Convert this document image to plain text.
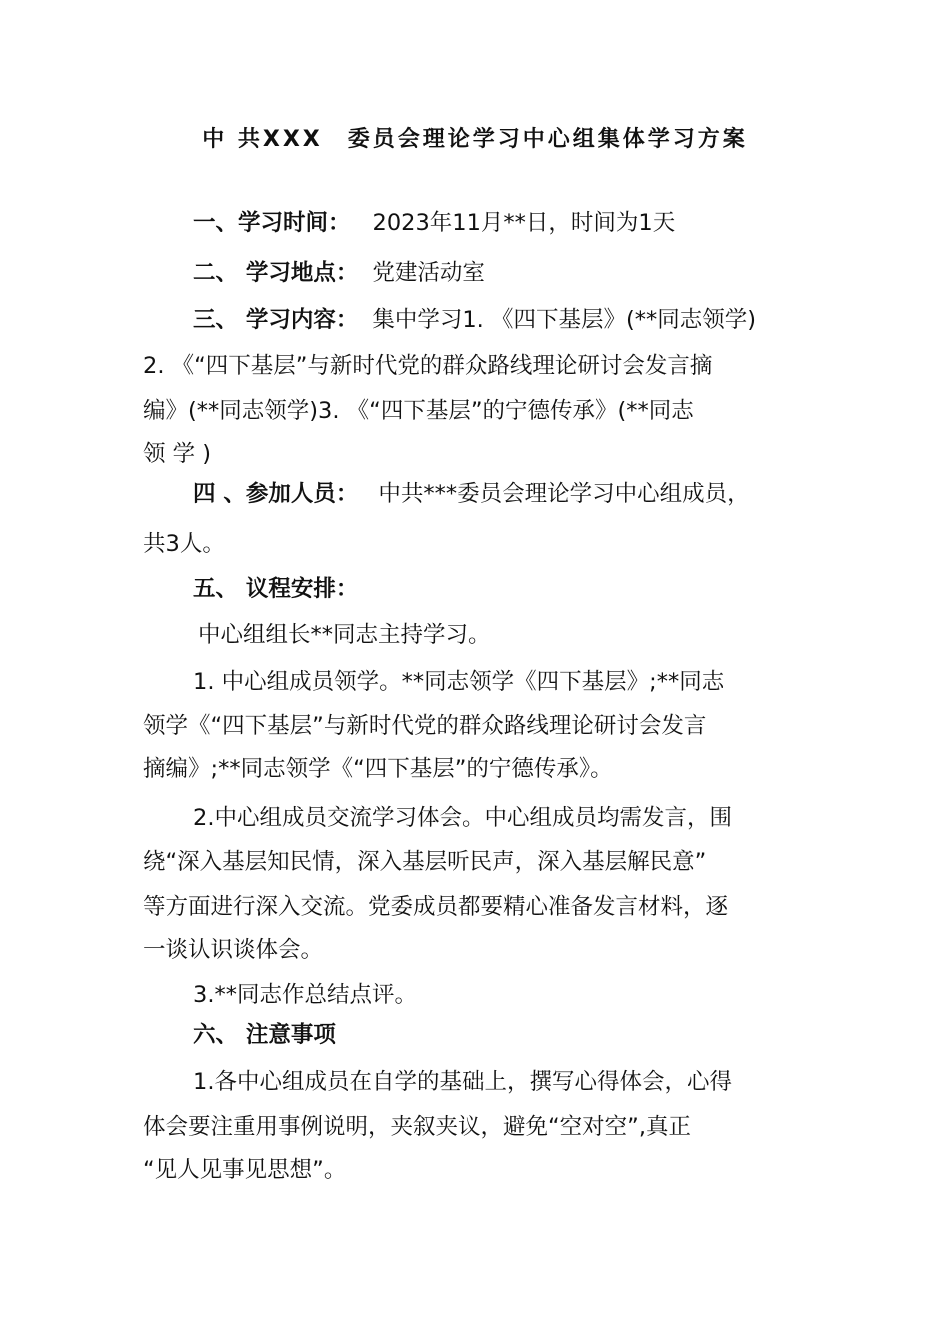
中 共XXX　委员会理论学习中心组集体学习方案
一、学习时间： 2023年11月**日，时间为1天
二、 学习地点： 党建活动室
三、 学习内容： 集中学习1. 《四下基层》(**同志领学)
2. 《“四下基层”与新时代党的群众路线理论研讨会发言摘
编》(**同志领学)3. 《“四下基层”的宁德传承》(**同志
领 学 )
四 、参加人员： 中共***委员会理论学习中心组成员，
共3人。
五、 议程安排：
中心组组长**同志主持学习。
1. 中心组成员领学。**同志领学《四下基层》;**同志
领学《“四下基层”与新时代党的群众路线理论研讨会发言
摘编》;**同志领学《“四下基层”的宁德传承》。
2.中心组成员交流学习体会。中心组成员均需发言，围
绕“深入基层知民情，深入基层听民声，深入基层解民意”
等方面进行深入交流。党委成员都要精心准备发言材料，逐
一谈认识谈体会。
3.**同志作总结点评。
六、 注意事项
1.各中心组成员在自学的基础上，撰写心得体会，心得
体会要注重用事例说明，夹叙夹议，避免“空对空”,真正
“见人见事见思想”。
